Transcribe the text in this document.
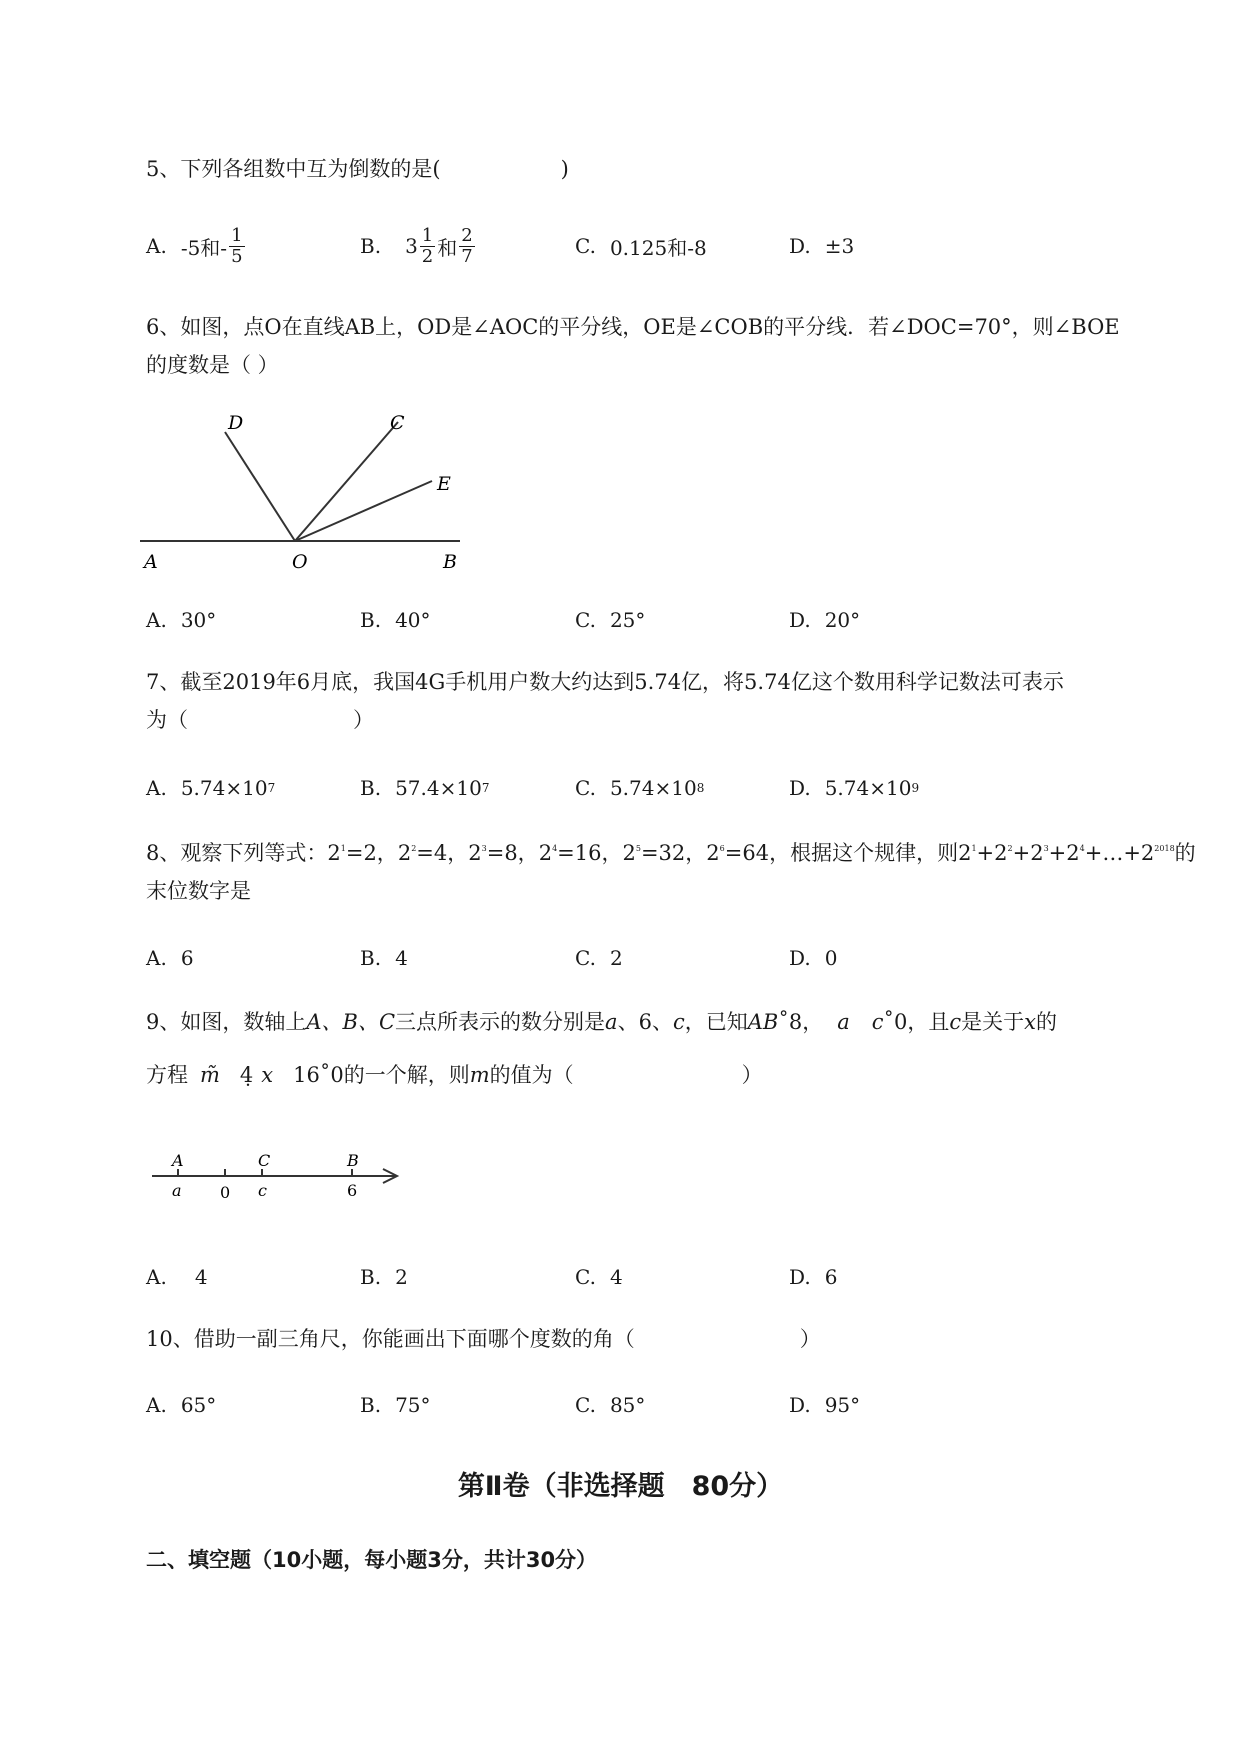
5、下列各组数中互为倒数的是(	)
A. -5和- $\frac{1}{5}$	B. $3 \frac{1}{2}$ 和 $\frac{2}{7}$	C. 0.125和-8	D. ±3
6、如图，点O在直线AB上，OD是∠AOC的平分线，OE是∠COB的平分线．若∠DOC=70°，则∠BOE
的度数是（ ）
D	C
E
A	O	B
A. 30°	B. 40°	C. 25°	D. 20°
7、截至2019年6月底，我国4G手机用户数大约达到5.74亿，将5.74亿这个数用科学记数法可表示
为（	）
A. 5.74×10 7	B. 57.4×10 7	C. 5.74×10 8	D. 5.74×10 9
8、观察下列等式：$2^1=2$，$2^2=4$，$2^3=8$，$2^4=16$，$2^5=32$，$2^6=64$，根据这个规律，则$2^1+2^2+2^3+2^4+\dots+2^{2018}$的
末位数字是
A. 6	B. 4	C. 2	D. 0
9、如图，数轴上A、B、C三点所表示的数分别是a、6、c，已知AB˚8， a c˚0，且c是关于x的
方程 m̃ 4̣ x 16˚0的一个解，则m的值为（	）
A	C	B
a 0 c	6
A. 4	B. 2	C. 4	D. 6
10、借助一副三角尺，你能画出下面哪个度数的角（	）
A. 65°	B. 75°	C. 85°	D. 95°
第Ⅱ卷（非选择题　80分）
二、填空题（10小题，每小题3分，共计30分）
